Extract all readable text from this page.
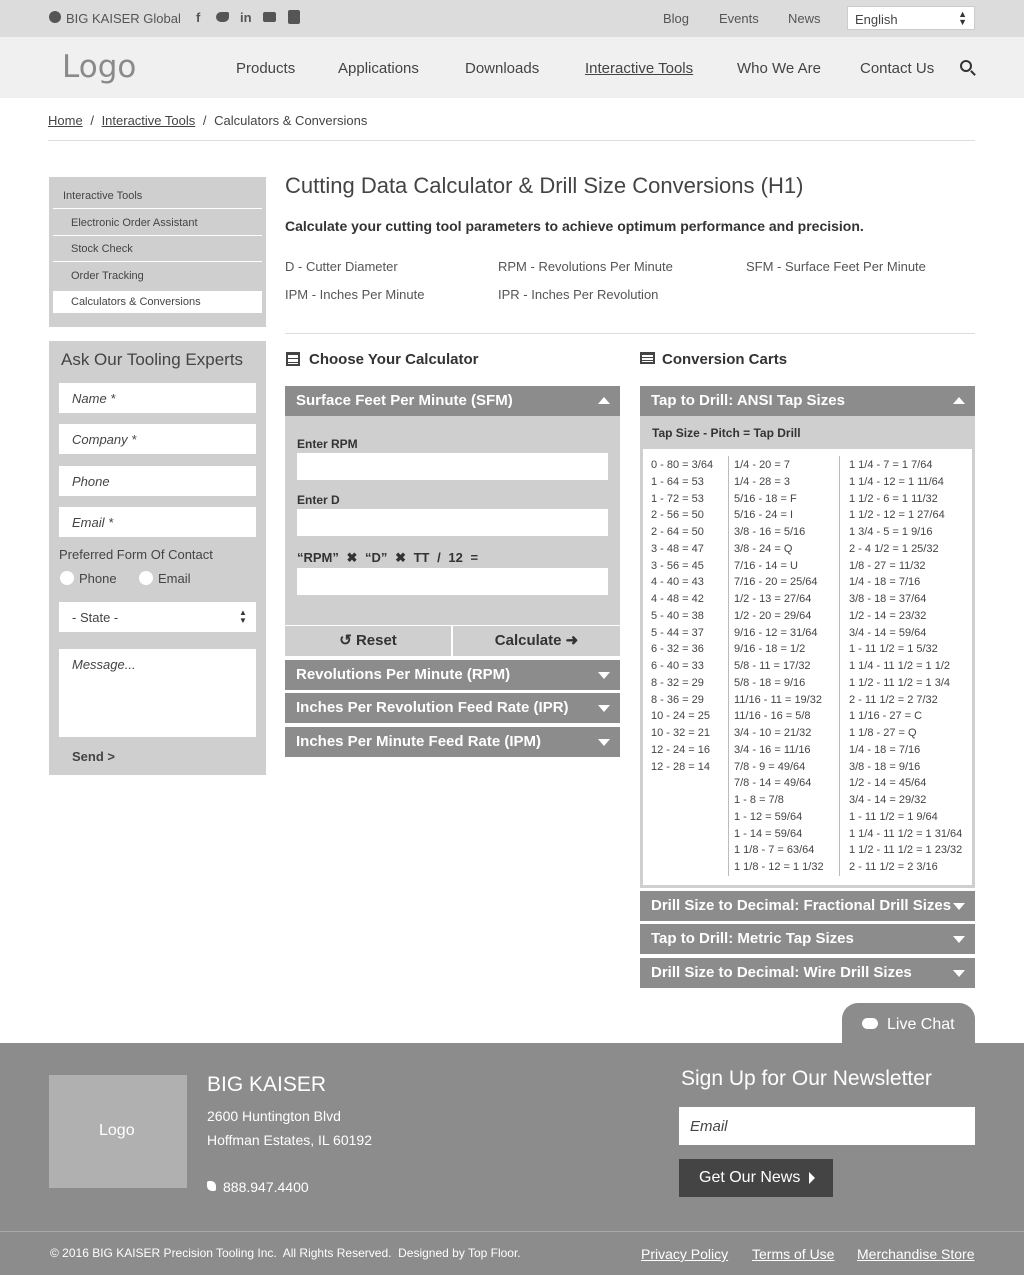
BIG KAISER Global f	in	Blog Events News	English	▲
▼
Logo	Products	Applications	Downloads	Interactive Tools	Who We Are	Contact Us
Home / Interactive Tools / Calculators & Conversions
Interactive Tools
Electronic Order Assistant
Stock Check
Order Tracking
Calculators & Conversions
Ask Our Tooling Experts
Name *
Company *
Phone
Email *
Preferred Form Of Contact
Phone	Email
- State -	▲
▼
Message...
Send >
Cutting Data Calculator & Drill Size Conversions (H1)

Calculate your cutting tool parameters to achieve optimum performance and precision.

D - Cutter Diameter	RPM - Revolutions Per Minute	SFM - Surface Feet Per Minute
IPM - Inches Per Minute	IPR - Inches Per Revolution
Choose Your Calculator
Surface Feet Per Minute (SFM)
Enter RPM
Enter D
“RPM” ✖ “D” ✖ TT / 12 =
↺ Reset	Calculate ➜
Revolutions Per Minute (RPM)
Inches Per Revolution Feed Rate (IPR)
Inches Per Minute Feed Rate (IPM)
Conversion Carts
Tap to Drill: ANSI Tap Sizes
Tap Size - Pitch = Tap Drill
0 - 80 = 3/64
1 - 64 = 53
1 - 72 = 53
2 - 56 = 50
2 - 64 = 50
3 - 48 = 47
3 - 56 = 45
4 - 40 = 43
4 - 48 = 42
5 - 40 = 38
5 - 44 = 37
6 - 32 = 36
6 - 40 = 33
8 - 32 = 29
8 - 36 = 29
10 - 24 = 25
10 - 32 = 21
12 - 24 = 16
12 - 28 = 14
1/4 - 20 = 7
1/4 - 28 = 3
5/16 - 18 = F
5/16 - 24 = I
3/8 - 16 = 5/16
3/8 - 24 = Q
7/16 - 14 = U
7/16 - 20 = 25/64
1/2 - 13 = 27/64
1/2 - 20 = 29/64
9/16 - 12 = 31/64
9/16 - 18 = 1/2
5/8 - 11 = 17/32
5/8 - 18 = 9/16
11/16 - 11 = 19/32
11/16 - 16 = 5/8
3/4 - 10 = 21/32
3/4 - 16 = 11/16
7/8 - 9 = 49/64
7/8 - 14 = 49/64
1 - 8 = 7/8
1 - 12 = 59/64
1 - 14 = 59/64
1 1/8 - 7 = 63/64
1 1/8 - 12 = 1 1/32
1 1/4 - 7 = 1 7/64
1 1/4 - 12 = 1 11/64
1 1/2 - 6 = 1 11/32
1 1/2 - 12 = 1 27/64
1 3/4 - 5 = 1 9/16
2 - 4 1/2 = 1 25/32
1/8 - 27 = 11/32
1/4 - 18 = 7/16
3/8 - 18 = 37/64
1/2 - 14 = 23/32
3/4 - 14 = 59/64
1 - 11 1/2 = 1 5/32
1 1/4 - 11 1/2 = 1 1/2
1 1/2 - 11 1/2 = 1 3/4
2 - 11 1/2 = 2 7/32
1 1/16 - 27 = C
1 1/8 - 27 = Q
1/4 - 18 = 7/16
3/8 - 18 = 9/16
1/2 - 14 = 45/64
3/4 - 14 = 29/32
1 - 11 1/2 = 1 9/64
1 1/4 - 11 1/2 = 1 31/64
1 1/2 - 11 1/2 = 1 23/32
2 - 11 1/2 = 2 3/16
Drill Size to Decimal: Fractional Drill Sizes
Tap to Drill: Metric Tap Sizes
Drill Size to Decimal: Wire Drill Sizes
Live Chat
Logo
BIG KAISER
2600 Huntington Blvd
Hoffman Estates, IL 60192
888.947.4400
Sign Up for Our Newsletter
Email
Get Our News
© 2016 BIG KAISER Precision Tooling Inc.  All Rights Reserved.  Designed by Top Floor.	Privacy Policy Terms of Use Merchandise Store
